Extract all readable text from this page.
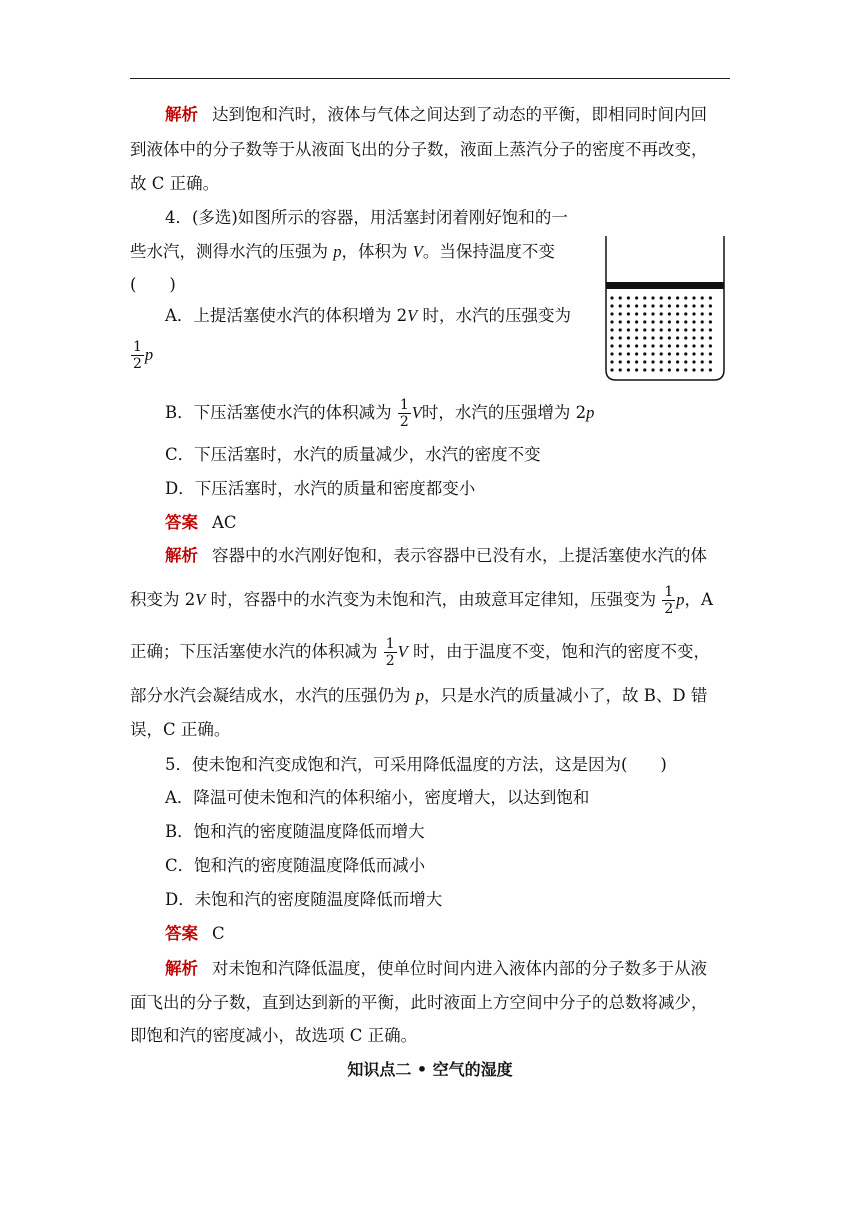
解析 达到饱和汽时，液体与气体之间达到了动态的平衡，即相同时间内回
到液体中的分子数等于从液面飞出的分子数，液面上蒸汽分子的密度不再改变，
故 C 正确。
4．(多选)如图所示的容器，用活塞封闭着刚好饱和的一
些水汽，测得水汽的压强为 p，体积为 V。当保持温度不变
(　　)
A．上提活塞使水汽的体积增为 2V 时，水汽的压强变为
$\frac{1}{2}$ p
B．下压活塞使水汽的体积减为 $\frac{1}{2}$ V时，水汽的压强增为 2p
C．下压活塞时，水汽的质量减少，水汽的密度不变
D．下压活塞时，水汽的质量和密度都变小
答案 AC
解析 容器中的水汽刚好饱和，表示容器中已没有水，上提活塞使水汽的体
积变为 2V 时，容器中的水汽变为未饱和汽，由玻意耳定律知，压强变为 $\frac{1}{2}$ p，A
正确；下压活塞使水汽的体积减为 $\frac{1}{2}$ V 时，由于温度不变，饱和汽的密度不变，
部分水汽会凝结成水，水汽的压强仍为 p，只是水汽的质量减小了，故 B、D 错
误，C 正确。
5．使未饱和汽变成饱和汽，可采用降低温度的方法，这是因为(　　)
A．降温可使未饱和汽的体积缩小，密度增大，以达到饱和
B．饱和汽的密度随温度降低而增大
C．饱和汽的密度随温度降低而减小
D．未饱和汽的密度随温度降低而增大
答案 C
解析 对未饱和汽降低温度，使单位时间内进入液体内部的分子数多于从液
面飞出的分子数，直到达到新的平衡，此时液面上方空间中分子的总数将减少，
即饱和汽的密度减小，故选项 C 正确。
知识点二 • 空气的湿度
